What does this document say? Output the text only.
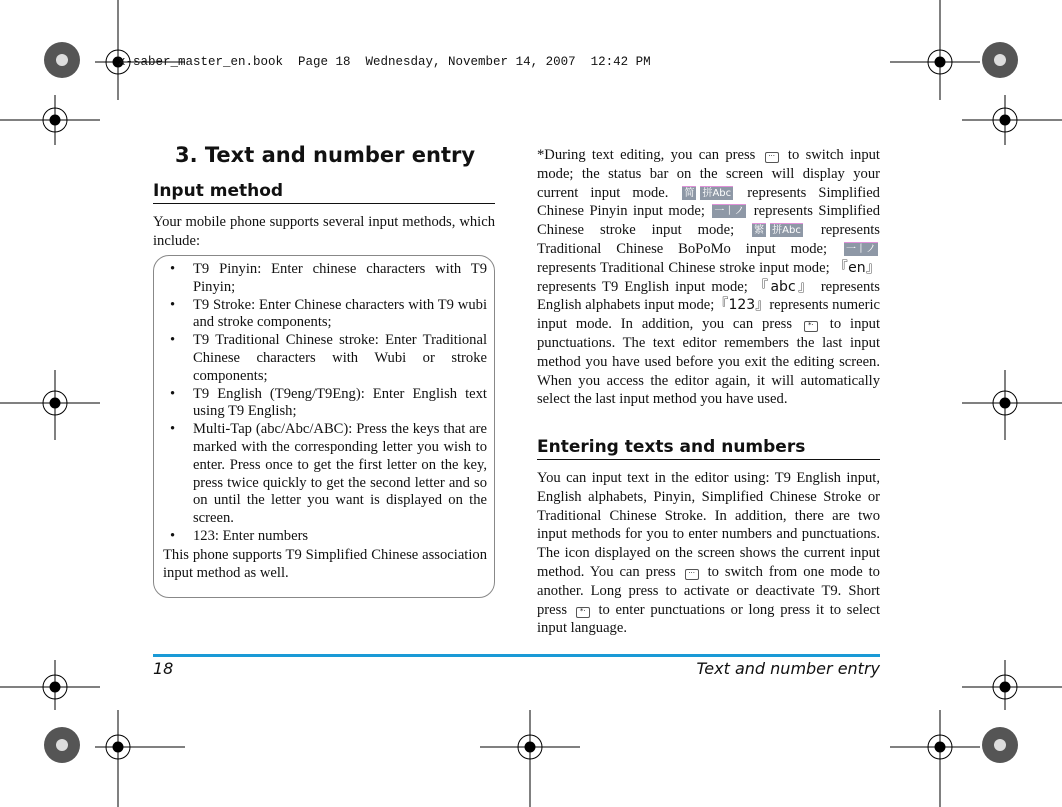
x-saber_master_en.book  Page 18  Wednesday, November 14, 2007  12:42 PM
3. Text and number entry
Input method
Your mobile phone supports several input methods, which include:
• T9 Pinyin: Enter chinese characters with T9 Pinyin;
• T9 Stroke: Enter Chinese characters with T9 wubi and stroke components;
• T9 Traditional Chinese stroke: Enter Traditional Chinese characters with Wubi or stroke components;
• T9 English (T9eng/T9Eng): Enter English text using T9 English;
• Multi-Tap (abc/Abc/ABC): Press the keys that are marked with the corresponding letter you wish to enter. Press once to get the first letter on the key, press twice quickly to get the second letter and so on until the letter you want is displayed on the screen.
• 123: Enter numbers
This phone supports T9 Simplified Chinese association input method as well.
*During text editing, you can press ··· to switch input mode; the status bar on the screen will display your current input mode. 简 拼Abc represents Simplified Chinese Pinyin input mode; 一丨ノ represents Simplified Chinese stroke input mode; 繁 拼Abc represents Traditional Chinese BoPoMo input mode; 一丨ノ represents Traditional Chinese stroke input mode; 『en』 represents T9 English input mode; 『abc』 represents English alphabets input mode;『123』represents numeric input mode. In addition, you can press *· to input punctuations. The text editor remembers the last input method you have used before you exit the editing screen. When you access the editor again, it will automatically select the last input method you have used.
Entering texts and numbers
You can input text in the editor using: T9 English input, English alphabets, Pinyin, Simplified Chinese Stroke or Traditional Chinese Stroke. In addition, there are two input methods for you to enter numbers and punctuations. The icon displayed on the screen shows the current input method. You can press ··· to switch from one mode to another. Long press to activate or deactivate T9. Short press *· to enter punctuations or long press it to select input language.
18	Text and number entry
